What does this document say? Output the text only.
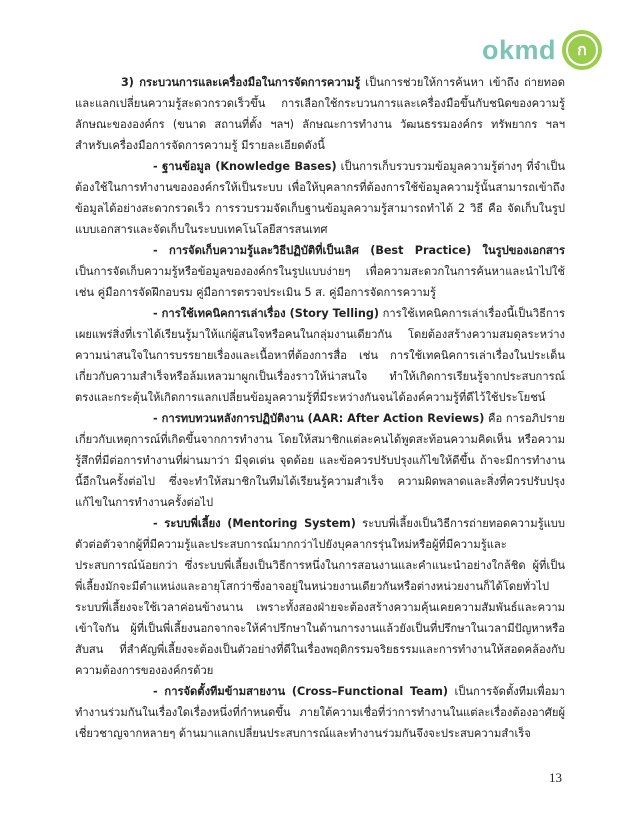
okmd ก

3) กระบวนการและเครื่องมือในการจัดการความรู้ เป็นการช่วยให้การค้นหา เข้าถึง ถ่ายทอดและแลกเปลี่ยนความรู้สะดวกรวดเร็วขึ้น การเลือกใช้กระบวนการและเครื่องมือขึ้นกับชนิดของความรู้ ลักษณะขององค์กร (ขนาด สถานที่ตั้ง ฯลฯ) ลักษณะการทำงาน วัฒนธรรมองค์กร ทรัพยากร ฯลฯ สำหรับเครื่องมือการจัดการความรู้ มีรายละเอียดดังนี้

- ฐานข้อมูล (Knowledge Bases) เป็นการเก็บรวบรวมข้อมูลความรู้ต่างๆ ที่จำเป็นต้องใช้ในการทำงานขององค์กรให้เป็นระบบ เพื่อให้บุคลากรที่ต้องการใช้ข้อมูลความรู้นั้นสามารถเข้าถึงข้อมูลได้อย่างสะดวกรวดเร็ว การรวบรวมจัดเก็บฐานข้อมูลความรู้สามารถทำได้ 2 วิธี คือ จัดเก็บในรูปแบบเอกสารและจัดเก็บในระบบเทคโนโลยีสารสนเทศ

- การจัดเก็บความรู้และวิธีปฏิบัติที่เป็นเลิศ (Best Practice) ในรูปของเอกสาร เป็นการจัดเก็บความรู้หรือข้อมูลขององค์กรในรูปแบบง่ายๆ เพื่อความสะดวกในการค้นหาและนำไปใช้ เช่น คู่มือการจัดฝึกอบรม คู่มือการตรวจประเมิน 5 ส. คู่มือการจัดการความรู้

- การใช้เทคนิคการเล่าเรื่อง (Story Telling) การใช้เทคนิคการเล่าเรื่องนี้เป็นวิธีการเผยแพร่สิ่งที่เราได้เรียนรู้มาให้แก่ผู้สนใจหรือคนในกลุ่มงานเดียวกัน โดยต้องสร้างความสมดุลระหว่างความน่าสนใจในการบรรยายเรื่องและเนื้อหาที่ต้องการสื่อ เช่น การใช้เทคนิคการเล่าเรื่องในประเด็นเกี่ยวกับความสำเร็จหรือล้มเหลวมาผูกเป็นเรื่องราวให้น่าสนใจ ทำให้เกิดการเรียนรู้จากประสบการณ์ตรงและกระตุ้นให้เกิดการแลกเปลี่ยนข้อมูลความรู้ที่มีระหว่างกันจนได้องค์ความรู้ที่ดีไว้ใช้ประโยชน์

- การทบทวนหลังการปฏิบัติงาน (AAR: After Action Reviews) คือ การอภิปรายเกี่ยวกับเหตุการณ์ที่เกิดขึ้นจากการทำงาน โดยให้สมาชิกแต่ละคนได้พูดสะท้อนความคิดเห็น หรือความรู้สึกที่มีต่อการทำงานที่ผ่านมาว่า มีจุดเด่น จุดด้อย และข้อควรปรับปรุงแก้ไขให้ดีขึ้น ถ้าจะมีการทำงานนี้อีกในครั้งต่อไป ซึ่งจะทำให้สมาชิกในทีมได้เรียนรู้ความสำเร็จ ความผิดพลาดและสิ่งที่ควรปรับปรุงแก้ไขในการทำงานครั้งต่อไป

- ระบบพี่เลี้ยง (Mentoring System) ระบบพี่เลี้ยงเป็นวิธีการถ่ายทอดความรู้แบบตัวต่อตัวจากผู้ที่มีความรู้และประสบการณ์มากกว่าไปยังบุคลากรรุ่นใหม่หรือผู้ที่มีความรู้และประสบการณ์น้อยกว่า ซึ่งระบบพี่เลี้ยงเป็นวิธีการหนึ่งในการสอนงานและคำแนะนำอย่างใกล้ชิด ผู้ที่เป็นพี่เลี้ยงมักจะมีตำแหน่งและอายุโสกว่าซึ่งอาจอยู่ในหน่วยงานเดียวกันหรือต่างหน่วยงานก็ได้โดยทั่วไประบบพี่เลี้ยงจะใช้เวลาค่อนข้างนาน เพราะทั้งสองฝ่ายจะต้องสร้างความคุ้นเคยความสัมพันธ์และความเข้าใจกัน ผู้ที่เป็นพี่เลี้ยงนอกจากจะให้คำปรึกษาในด้านการงานแล้วยังเป็นที่ปรึกษาในเวลามีปัญหาหรือสับสน ที่สำคัญพี่เลี้ยงจะต้องเป็นตัวอย่างที่ดีในเรื่องพฤติกรรมจริยธรรมและการทำงานให้สอดคล้องกับความต้องการขององค์กรด้วย

- การจัดตั้งทีมข้ามสายงาน (Cross–Functional Team) เป็นการจัดตั้งทีมเพื่อมาทำงานร่วมกันในเรื่องใดเรื่องหนึ่งที่กำหนดขึ้น ภายใต้ความเชื่อที่ว่าการทำงานในแต่ละเรื่องต้องอาศัยผู้เชี่ยวชาญจากหลายๆ ด้านมาแลกเปลี่ยนประสบการณ์และทำงานร่วมกันจึงจะประสบความสำเร็จ

13
